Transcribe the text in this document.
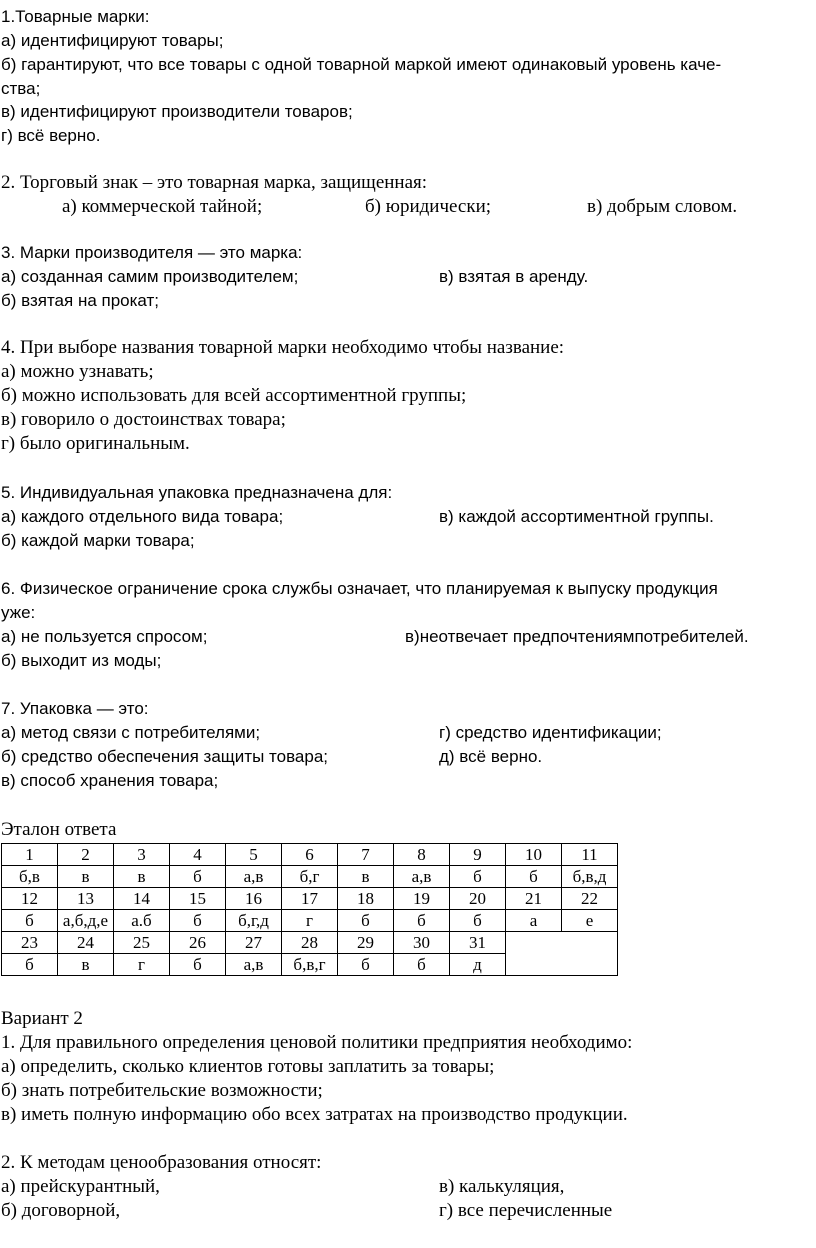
1.Товарные марки:
а) идентифицируют товары;
б) гарантируют, что все товары с одной товарной маркой имеют одинаковый уровень каче-
ства;
в) идентифицируют производители товаров;
г) всё верно.
2. Торговый знак – это товарная марка, защищенная:
а) коммерческой тайной;	б) юридически;	в) добрым словом.
3. Марки производителя — это марка:
а) созданная самим производителем;	в) взятая в аренду.
б) взятая на прокат;
4. При выборе названия товарной марки необходимо чтобы название:
а) можно узнавать;
б) можно использовать для всей ассортиментной группы;
в) говорило о достоинствах товара;
г) было оригинальным.
5. Индивидуальная упаковка предназначена для:
а) каждого отдельного вида товара;	в) каждой ассортиментной группы.
б) каждой марки товара;
6. Физическое ограничение срока службы означает, что планируемая к выпуску продукция
уже:
а) не пользуется спросом;	в)неотвечает предпочтениямпотребителей.
б) выходит из моды;
7. Упаковка — это:
а) метод связи с потребителями;	г) средство идентификации;
б) средство обеспечения защиты товара;	д) всё верно.
в) способ хранения товара;
Эталон ответа
1	2	3	4	5	6	7	8	9	10	11
б,в	в	в	б	а,в	б,г	в	а,в	б	б	б,в,д
12	13	14	15	16	17	18	19	20	21	22
б	а,б,д,е	а.б	б	б,г,д	г	б	б	б	а	е
23	24	25	26	27	28	29	30	31		
б	в	г	б	а,в	б,в,г	б	б	д		
Вариант 2
1. Для правильного определения ценовой политики предприятия необходимо:
а) определить, сколько клиентов готовы заплатить за товары;
б) знать потребительские возможности;
в) иметь полную информацию обо всех затратах на производство продукции.
2. К методам ценообразования относят:
а) прейскурантный,	в) калькуляция,
б) договорной,	г) все перечисленные
